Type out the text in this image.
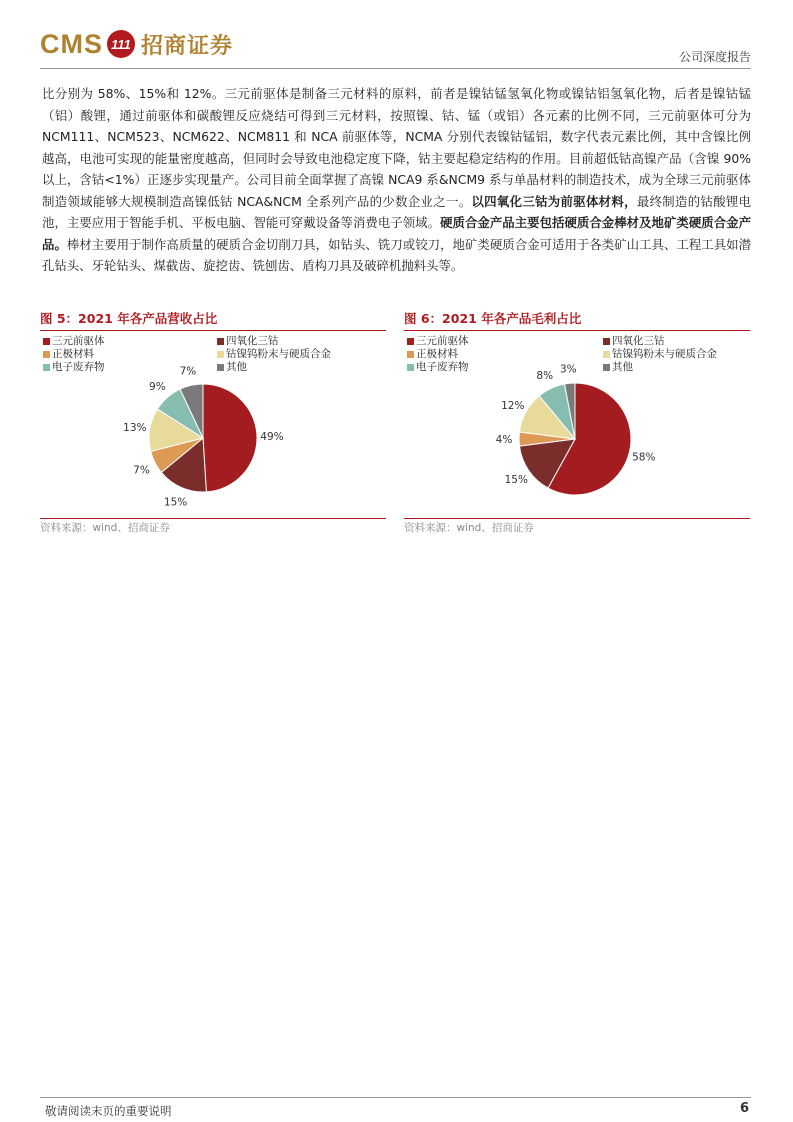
CMS 111 招商证券	公司深度报告

比分别为 58%、15%和 12%。三元前驱体是制备三元材料的原料，前者是镍钴锰氢氧化物或镍钴铝氢氧化物，后者是镍钴锰（铝）酸锂，通过前驱体和碳酸锂反应烧结可得到三元材料，按照镍、钴、锰（或铝）各元素的比例不同，三元前驱体可分为 NCM111、NCM523、NCM622、NCM811 和 NCA 前驱体等，NCMA 分别代表镍钴锰铝，数字代表元素比例，其中含镍比例越高，电池可实现的能量密度越高，但同时会导致电池稳定度下降，钴主要起稳定结构的作用。目前超低钴高镍产品（含镍 90%以上，含钴<1%）正逐步实现量产。公司目前全面掌握了高镍 NCA9 系&NCM9 系与单晶材料的制造技术，成为全球三元前驱体制造领域能够大规模制造高镍低钴 NCA&NCM 全系列产品的少数企业之一。以四氧化三钴为前驱体材料，最终制造的钴酸锂电池，主要应用于智能手机、平板电脑、智能可穿戴设备等消费电子领域。硬质合金产品主要包括硬质合金棒材及地矿类硬质合金产品。棒材主要用于制作高质量的硬质合金切削刀具，如钻头、铣刀或铰刀，地矿类硬质合金可适用于各类矿山工具、工程工具如潜孔钻头、牙轮钻头、煤截齿、旋挖齿、铣刨齿、盾构刀具及破碎机抛料头等。

图 5：2021 年各产品营收占比
三元前驱体	四氧化三钴
正极材料	钴镍钨粉末与硬质合金
电子废弃物	其他
49%
15%
7%
13%
9%
7%
资料来源：wind、招商证券
图 6：2021 年各产品毛利占比
三元前驱体	四氧化三钴
正极材料	钴镍钨粉末与硬质合金
电子废弃物	其他
58%
15%
4%
12%
8%
3%
资料来源：wind、招商证券
敬请阅读末页的重要说明	6
